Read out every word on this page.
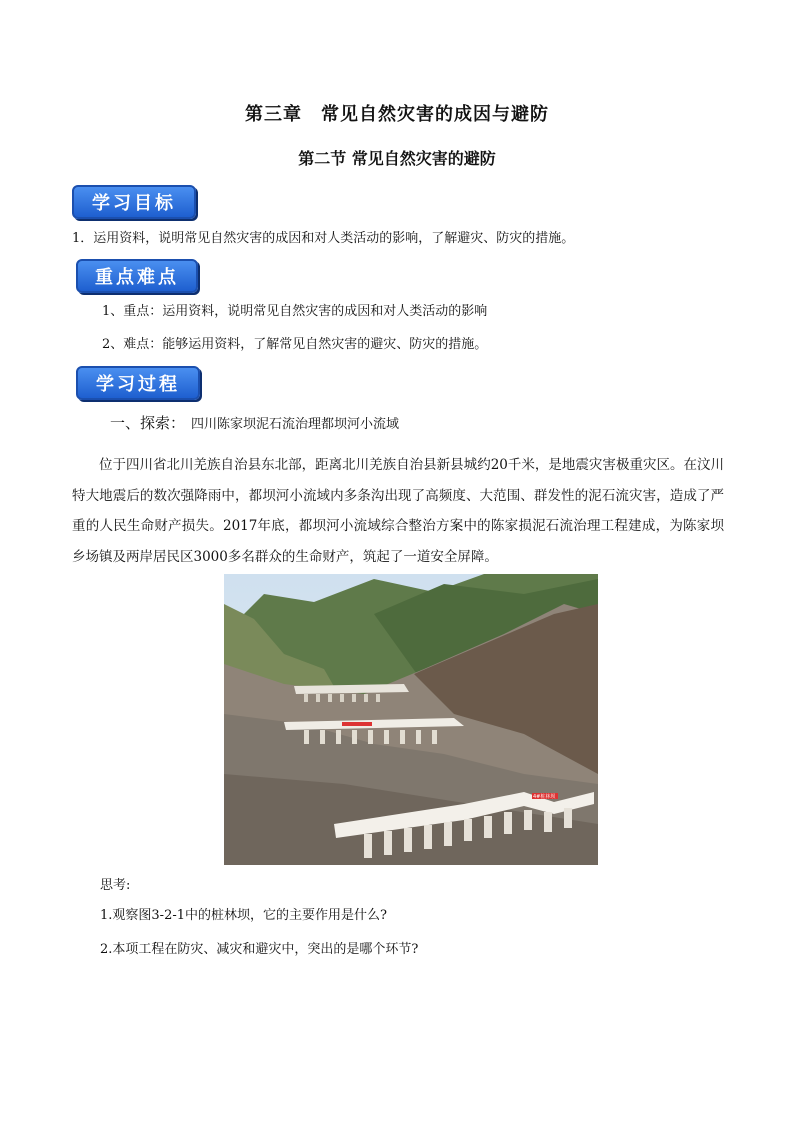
第三章　常见自然灾害的成因与避防
第二节 常见自然灾害的避防
学习目标
1．运用资料，说明常见自然灾害的成因和对人类活动的影响，了解避灾、防灾的措施。
重点难点
1、重点：运用资料，说明常见自然灾害的成因和对人类活动的影响
2、难点：能够运用资料，了解常见自然灾害的避灾、防灾的措施。
学习过程
一、探索： 四川陈家坝泥石流治理都坝河小流域
位于四川省北川羌族自治县东北部，距离北川羌族自治县新县城约20千米，是地震灾害极重灾区。在汶川特大地震后的数次强降雨中，都坝河小流域内多条沟出现了高频度、大范围、群发性的泥石流灾害，造成了严重的人民生命财产损失。2017年底，都坝河小流域综合整治方案中的陈家损泥石流治理工程建成，为陈家坝乡场镇及两岸居民区3000多名群众的生命财产，筑起了一道安全屏障。
4#桩林坝
思考:
1.观察图3-2-1中的桩林坝，它的主要作用是什么?
2.本项工程在防灾、减灾和避灾中，突出的是哪个环节?
